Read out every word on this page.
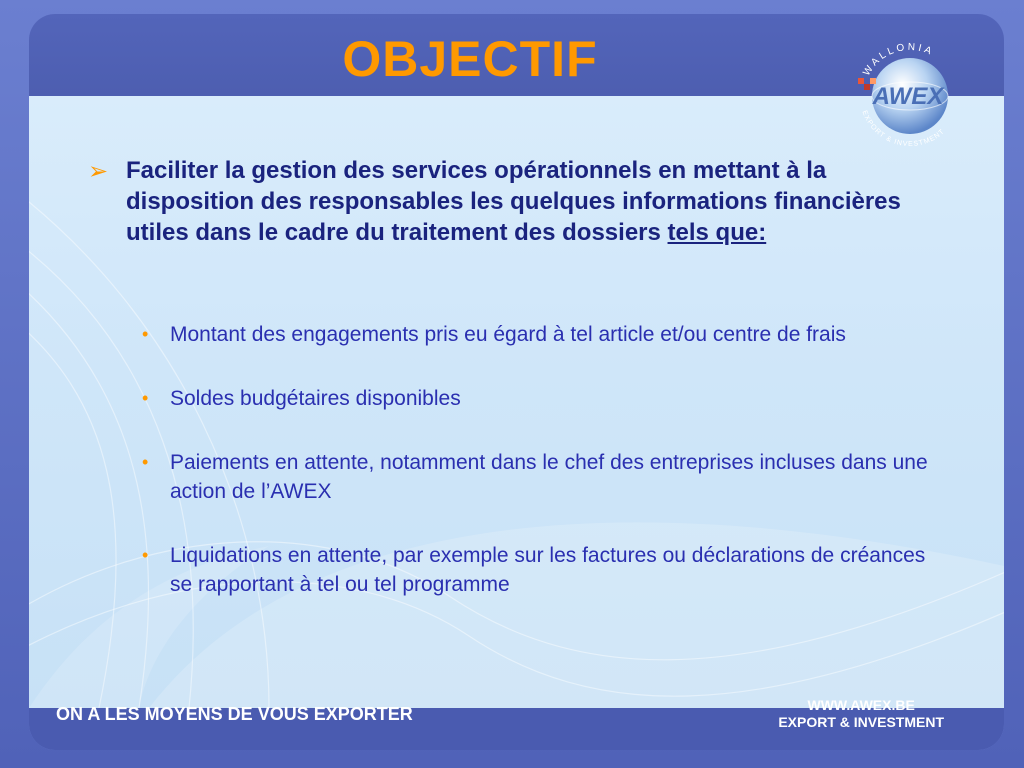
OBJECTIF	WALLONIA
EXPORT & INVESTMENT
AWEX
➢ Faciliter la gestion des services opérationnels en mettant à la disposition des responsables les quelques informations financières utiles dans le cadre du traitement des dossiers tels que:
•	Montant des engagements pris eu égard à tel article et/ou centre de frais
•	Soldes budgétaires disponibles
•	Paiements en attente, notamment dans le chef des entreprises incluses dans une action de l’AWEX
•	Liquidations en attente, par exemple sur les factures ou déclarations de créances se rapportant à tel ou tel programme
ON A LES MOYENS DE VOUS EXPORTER	WWW.AWEX.BE
EXPORT & INVESTMENT
